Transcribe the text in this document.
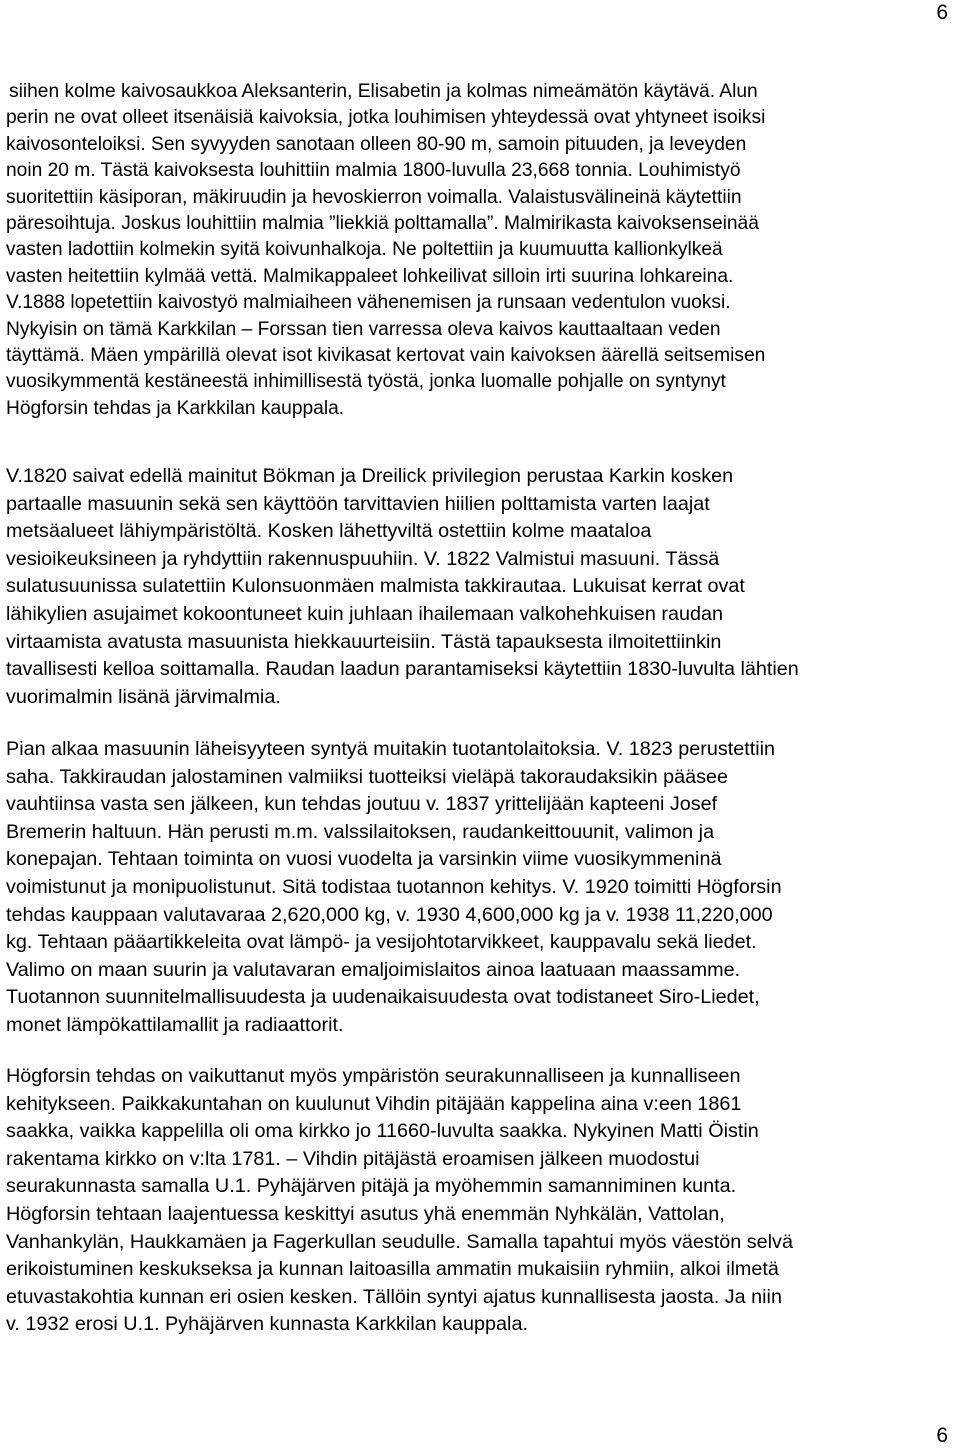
6
siihen kolme kaivosaukkoa Aleksanterin, Elisabetin ja kolmas nimeämätön käytävä. Alun
perin ne ovat olleet itsenäisiä kaivoksia, jotka louhimisen yhteydessä ovat yhtyneet isoiksi
kaivosonteloiksi. Sen syvyyden sanotaan olleen 80-90 m, samoin pituuden, ja leveyden
noin 20 m. Tästä kaivoksesta louhittiin malmia 1800-luvulla 23,668 tonnia. Louhimistyö
suoritettiin käsiporan, mäkiruudin ja hevoskierron voimalla. Valaistusvälineinä käytettiin
päresoihtuja. Joskus louhittiin malmia ”liekkiä polttamalla”. Malmirikasta kaivoksenseinää
vasten ladottiin kolmekin syitä koivunhalkoja. Ne poltettiin ja kuumuutta kallionkylkeä
vasten heitettiin kylmää vettä. Malmikappaleet lohkeilivat silloin irti suurina lohkareina.
V.1888 lopetettiin kaivostyö malmiaiheen vähenemisen ja runsaan vedentulon vuoksi.
Nykyisin on tämä Karkkilan – Forssan tien varressa oleva kaivos kauttaaltaan veden
täyttämä. Mäen ympärillä olevat isot kivikasat kertovat vain kaivoksen äärellä seitsemisen
vuosikymmentä kestäneestä inhimillisestä työstä, jonka luomalle pohjalle on syntynyt
Högforsin tehdas ja Karkkilan kauppala.
V.1820 saivat edellä mainitut Bökman ja Dreilick privilegion perustaa Karkin kosken
partaalle masuunin sekä sen käyttöön tarvittavien hiilien polttamista varten laajat
metsäalueet lähiympäristöltä. Kosken lähettyviltä ostettiin kolme maataloa
vesioikeuksineen ja ryhdyttiin rakennuspuuhiin. V. 1822 Valmistui masuuni. Tässä
sulatusuunissa sulatettiin Kulonsuonmäen malmista takkirautaa. Lukuisat kerrat ovat
lähikylien asujaimet kokoontuneet kuin juhlaan ihailemaan valkohehkuisen raudan
virtaamista avatusta masuunista hiekkauurteisiin. Tästä tapauksesta ilmoitettiinkin
tavallisesti kelloa soittamalla. Raudan laadun parantamiseksi käytettiin 1830-luvulta lähtien
vuorimalmin lisänä järvimalmia.
Pian alkaa masuunin läheisyyteen syntyä muitakin tuotantolaitoksia. V. 1823 perustettiin
saha. Takkiraudan jalostaminen valmiiksi tuotteiksi vieläpä takoraudaksikin pääsee
vauhtiinsa vasta sen jälkeen, kun tehdas joutuu v. 1837 yrittelijään kapteeni Josef
Bremerin haltuun. Hän perusti m.m. valssilaitoksen, raudankeittouunit, valimon ja
konepajan. Tehtaan toiminta on vuosi vuodelta ja varsinkin viime vuosikymmeninä
voimistunut ja monipuolistunut. Sitä todistaa tuotannon kehitys. V. 1920 toimitti Högforsin
tehdas kauppaan valutavaraa 2,620,000 kg, v. 1930 4,600,000 kg ja v. 1938 11,220,000
kg. Tehtaan pääartikkeleita ovat lämpö- ja vesijohtotarvikkeet, kauppavalu sekä liedet.
Valimo on maan suurin ja valutavaran emaljoimislaitos ainoa laatuaan maassamme.
Tuotannon suunnitelmallisuudesta ja uudenaikaisuudesta ovat todistaneet Siro-Liedet,
monet lämpökattilamallit ja radiaattorit.
Högforsin tehdas on vaikuttanut myös ympäristön seurakunnalliseen ja kunnalliseen
kehitykseen. Paikkakuntahan on kuulunut Vihdin pitäjään kappelina aina v:een 1861
saakka, vaikka kappelilla oli oma kirkko jo 11660-luvulta saakka. Nykyinen Matti Öistin
rakentama kirkko on v:lta 1781. – Vihdin pitäjästä eroamisen jälkeen muodostui
seurakunnasta samalla U.1. Pyhäjärven pitäjä ja myöhemmin samanniminen kunta.
Högforsin tehtaan laajentuessa keskittyi asutus yhä enemmän Nyhkälän, Vattolan,
Vanhankylän, Haukkamäen ja Fagerkullan seudulle. Samalla tapahtui myös väestön selvä
erikoistuminen keskukseksa ja kunnan laitoasilla ammatin mukaisiin ryhmiin, alkoi ilmetä
etuvastakohtia kunnan eri osien kesken. Tällöin syntyi ajatus kunnallisesta jaosta. Ja niin
v. 1932 erosi U.1. Pyhäjärven kunnasta Karkkilan kauppala.
6
